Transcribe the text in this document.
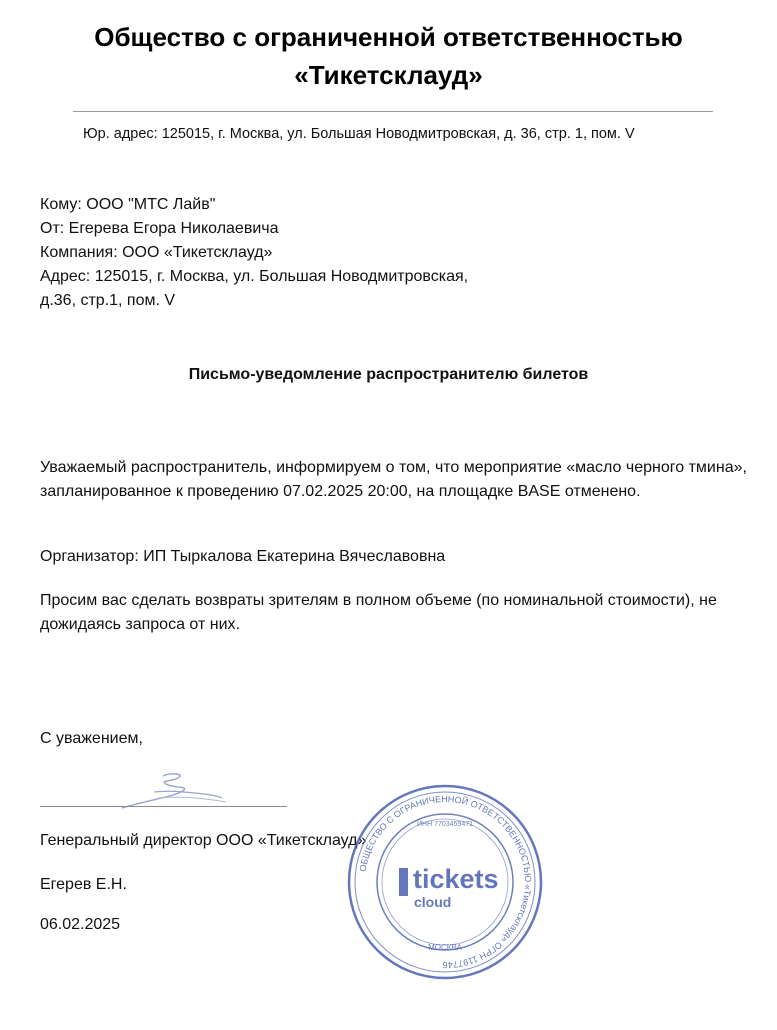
Общество с ограниченной ответственностью
«Тикетсклауд»
Юр. адрес: 125015, г. Москва, ул. Большая Новодмитровская, д. 36, стр. 1, пом. V
Кому: ООО "МТС Лайв"
От: Егерева Егора Николаевича
Компания: ООО «Тикетсклауд»
Адрес: 125015, г. Москва, ул. Большая Новодмитровская,
д.36, стр.1, пом. V
Письмо-уведомление распространителю билетов
Уважаемый распространитель, информируем о том, что мероприятие «масло черного тмина», запланированное к проведению 07.02.2025 20:00, на площадке BASE отменено.
Организатор: ИП Тыркалова Екатерина Вячеславовна
Просим вас сделать возвраты зрителям в полном объеме (по номинальной стоимости), не дожидаясь запроса от них.
С уважением,
Генеральный директор ООО «Тикетсклауд»
Егерев Е.Н.
06.02.2025
ОБЩЕСТВО С ОГРАНИЧЕННОЙ ОТВЕТСТВЕННОСТЬЮ «Тикетсклауд» ОГРН 1197746
ИНН 7703459471
МОСКВА
tickets
cloud
